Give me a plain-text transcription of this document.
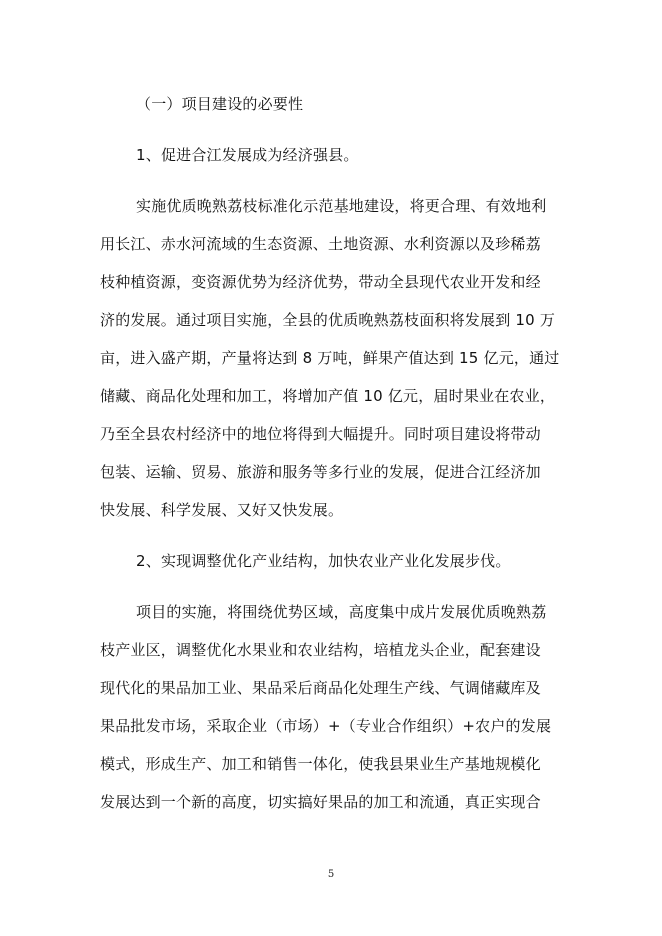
（一）项目建设的必要性
1、促进合江发展成为经济强县。
实施优质晚熟荔枝标准化示范基地建设，将更合理、有效地利
用长江、赤水河流域的生态资源、土地资源、水利资源以及珍稀荔
枝种植资源，变资源优势为经济优势，带动全县现代农业开发和经
济的发展。通过项目实施，全县的优质晚熟荔枝面积将发展到 10 万
亩，进入盛产期，产量将达到 8 万吨，鲜果产值达到 15 亿元，通过
储藏、商品化处理和加工，将增加产值 10 亿元，届时果业在农业，
乃至全县农村经济中的地位将得到大幅提升。同时项目建设将带动
包装、运输、贸易、旅游和服务等多行业的发展，促进合江经济加
快发展、科学发展、又好又快发展。
2、实现调整优化产业结构，加快农业产业化发展步伐。
项目的实施，将围绕优势区域，高度集中成片发展优质晚熟荔
枝产业区，调整优化水果业和农业结构，培植龙头企业，配套建设
现代化的果品加工业、果品采后商品化处理生产线、气调储藏库及
果品批发市场，采取企业（市场）+（专业合作组织）+农户的发展
模式，形成生产、加工和销售一体化，使我县果业生产基地规模化
发展达到一个新的高度，切实搞好果品的加工和流通，真正实现合
5
